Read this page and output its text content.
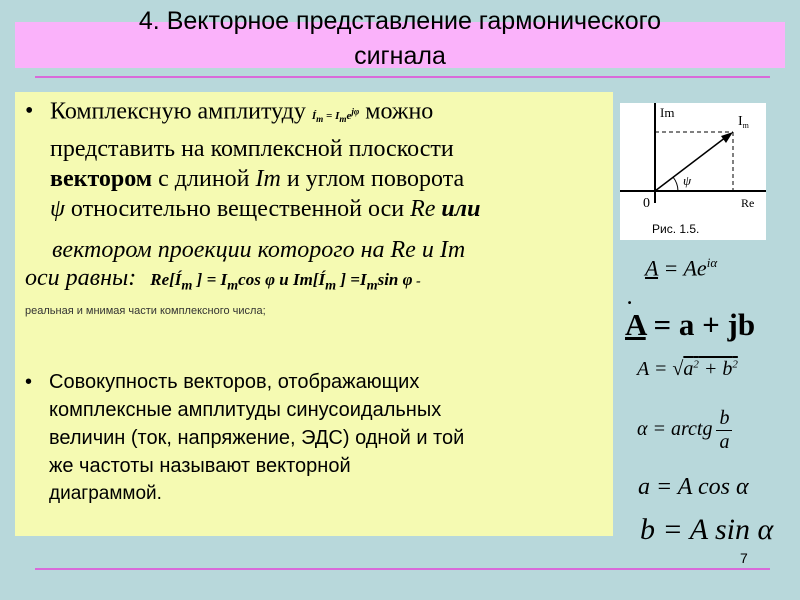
4. Векторное представление гармонического
сигнала
• Комплексную амплитуду $Í_m = I_me^{j\varphi}$ можно
представить на комплексной плоскости
вектором с длиной Im и углом поворота
ψ относительно вещественной оси Re или
вектором проекции которого на Re и Im
оси равны: $Re[Í_m$ ] = $I_m\cos$ φ и $Im[Í_m$ ] $=I_m\sin$ φ -
реальная и мнимая части комплексного числа;
• Совокупность векторов, отображающих
комплексные амплитуды синусоидальных
величин (ток, напряжение, ЭДС) одной и той
же частоты называют векторной
диаграммой.
Im
$I_m$
ψ
0	Re
Рис. 1.5.
$A = Ae^{i\alpha}$
.
A = a + jb
$A = √a^2 + b^2$
α = arctg $\frac{b}{a}$
a = A cos α
b = A sin α
7
